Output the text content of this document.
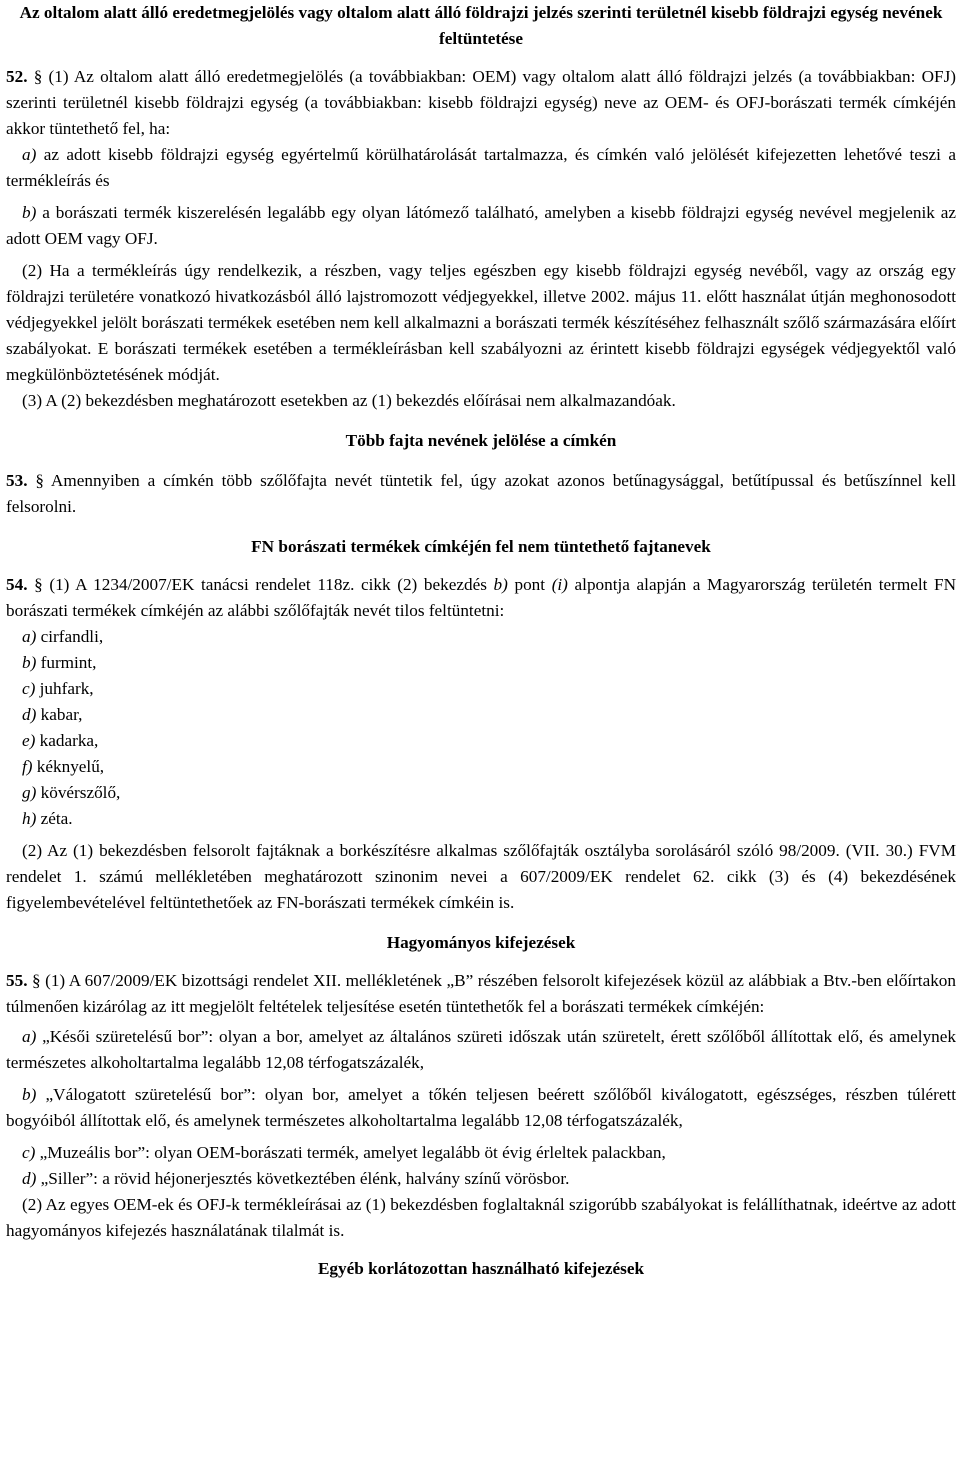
Az oltalom alatt álló eredetmegjelölés vagy oltalom alatt álló földrajzi jelzés szerinti területnél kisebb földrajzi egység nevének feltüntetése

52. § (1) Az oltalom alatt álló eredetmegjelölés (a továbbiakban: OEM) vagy oltalom alatt álló földrajzi jelzés (a továbbiakban: OFJ) szerinti területnél kisebb földrajzi egység (a továbbiakban: kisebb földrajzi egység) neve az OEM- és OFJ-borászati termék címkéjén akkor tüntethető fel, ha:

a) az adott kisebb földrajzi egység egyértelmű körülhatárolását tartalmazza, és címkén való jelölését kifejezetten lehetővé teszi a termékleírás és

b) a borászati termék kiszerelésén legalább egy olyan látómező található, amelyben a kisebb földrajzi egység nevével megjelenik az adott OEM vagy OFJ.

(2) Ha a termékleírás úgy rendelkezik, a részben, vagy teljes egészben egy kisebb földrajzi egység nevéből, vagy az ország egy földrajzi területére vonatkozó hivatkozásból álló lajstromozott védjegyekkel, illetve 2002. május 11. előtt használat útján meghonosodott védjegyekkel jelölt borászati termékek esetében nem kell alkalmazni a borászati termék készítéséhez felhasznált szőlő származására előírt szabályokat. E borászati termékek esetében a termékleírásban kell szabályozni az érintett kisebb földrajzi egységek védjegyektől való megkülönböztetésének módját.

(3) A (2) bekezdésben meghatározott esetekben az (1) bekezdés előírásai nem alkalmazandóak.

Több fajta nevének jelölése a címkén

53. § Amennyiben a címkén több szőlőfajta nevét tüntetik fel, úgy azokat azonos betűnagysággal, betűtípussal és betűszínnel kell felsorolni.

FN borászati termékek címkéjén fel nem tüntethető fajtanevek

54. § (1) A 1234/2007/EK tanácsi rendelet 118z. cikk (2) bekezdés b) pont (i) alpontja alapján a Magyarország területén termelt FN borászati termékek címkéjén az alábbi szőlőfajták nevét tilos feltüntetni:

a) cirfandli,

b) furmint,

c) juhfark,

d) kabar,

e) kadarka,

f) kéknyelű,

g) kövérszőlő,

h) zéta.

(2) Az (1) bekezdésben felsorolt fajtáknak a borkészítésre alkalmas szőlőfajták osztályba sorolásáról szóló 98/2009. (VII. 30.) FVM rendelet 1. számú mellékletében meghatározott szinonim nevei a 607/2009/EK rendelet 62. cikk (3) és (4) bekezdésének figyelembevételével feltüntethetőek az FN-borászati termékek címkéin is.

Hagyományos kifejezések

55. § (1) A 607/2009/EK bizottsági rendelet XII. mellékletének „B” részében felsorolt kifejezések közül az alábbiak a Btv.-ben előírtakon túlmenően kizárólag az itt megjelölt feltételek teljesítése esetén tüntethetők fel a borászati termékek címkéjén:

a) „Késői szüretelésű bor”: olyan a bor, amelyet az általános szüreti időszak után szüretelt, érett szőlőből állítottak elő, és amelynek természetes alkoholtartalma legalább 12,08 térfogatszázalék,

b) „Válogatott szüretelésű bor”: olyan bor, amelyet a tőkén teljesen beérett szőlőből kiválogatott, egészséges, részben túlérett bogyóiból állítottak elő, és amelynek természetes alkoholtartalma legalább 12,08 térfogatszázalék,

c) „Muzeális bor”: olyan OEM-borászati termék, amelyet legalább öt évig érleltek palackban,

d) „Siller”: a rövid héjonerjesztés következtében élénk, halvány színű vörösbor.

(2) Az egyes OEM-ek és OFJ-k termékleírásai az (1) bekezdésben foglaltaknál szigorúbb szabályokat is felállíthatnak, ideértve az adott hagyományos kifejezés használatának tilalmát is.

Egyéb korlátozottan használható kifejezések
